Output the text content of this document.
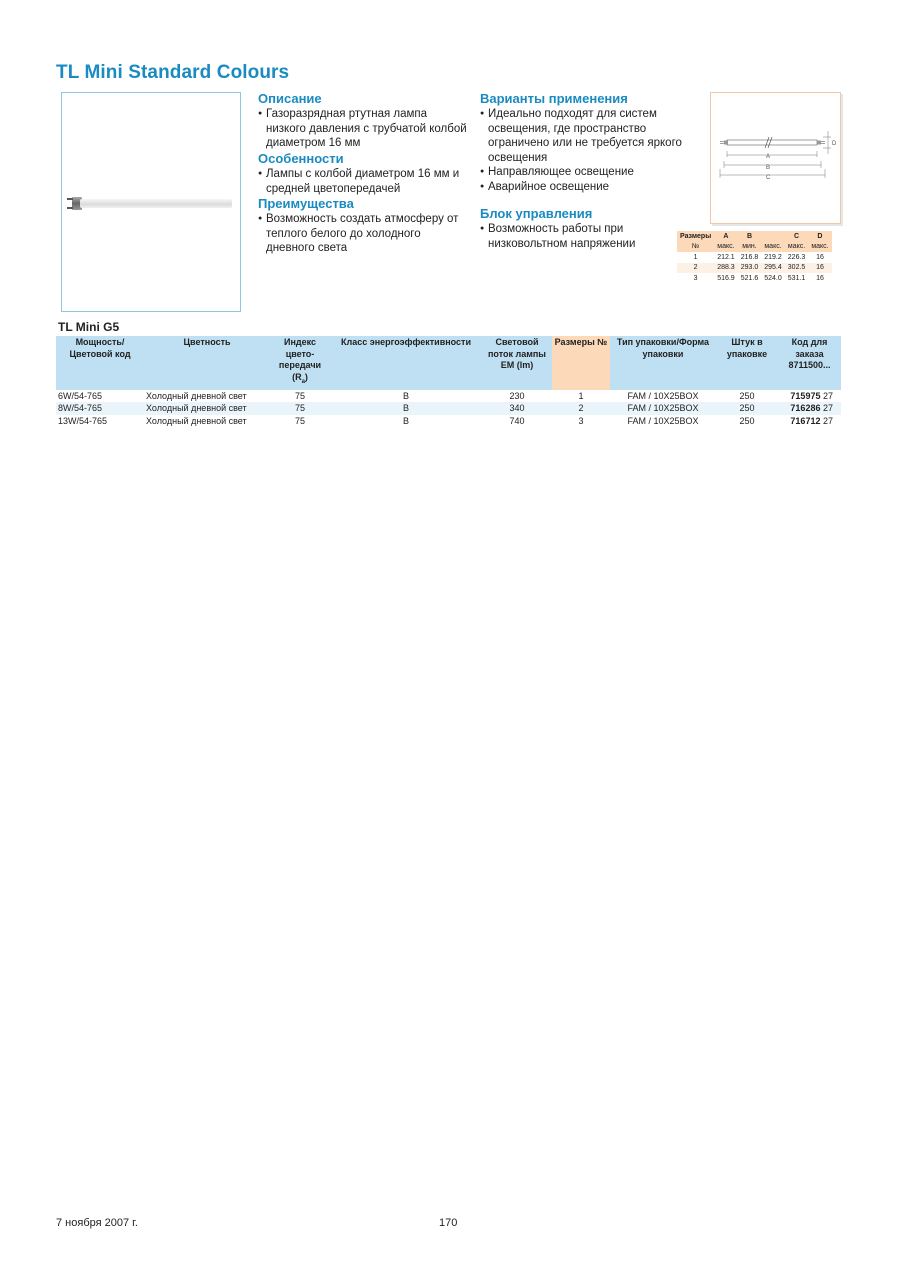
TL Mini Standard Colours
Описание
● Газоразрядная ртутная лампа низкого давления с трубчатой колбой диаметром 16 мм
Особенности
● Лампы с колбой диаметром 16 мм и средней цветопередачей
Преимущества
● Возможность создать атмосферу от теплого белого до холодного дневного света
Варианты применения
● Идеально подходят для систем освещения, где пространство ограничено или не требуется яркого освещения
● Направляющее освещение
● Аварийное освещение
Блок управления
● Возможность работы при низковольтном напряжении
D
A
B
C
Размеры	A	B		C	D
№	макс.	мин.	макс.	макс.	макс.
1	212.1	216.8	219.2	226.3	16
2	288.3	293.0	295.4	302.5	16
3	516.9	521.6	524.0	531.1	16
TL Mini G5
Мощность/ Цветовой код	Цветность	Индекс цвето- передачи
$(R_a)$	Класс энергоэффективности	Световой поток лампы EM (lm)	Размеры №	Тип упаковки/Форма упаковки	Штук в упаковке	Код для заказа 8711500...
6W/54-765	Холодный дневной свет	75	B	230	1	FAM / 10X25BOX	250	715975 27
8W/54-765	Холодный дневной свет	75	B	340	2	FAM / 10X25BOX	250	716286 27
13W/54-765	Холодный дневной свет	75	B	740	3	FAM / 10X25BOX	250	716712 27
7 ноября 2007 г.	170
